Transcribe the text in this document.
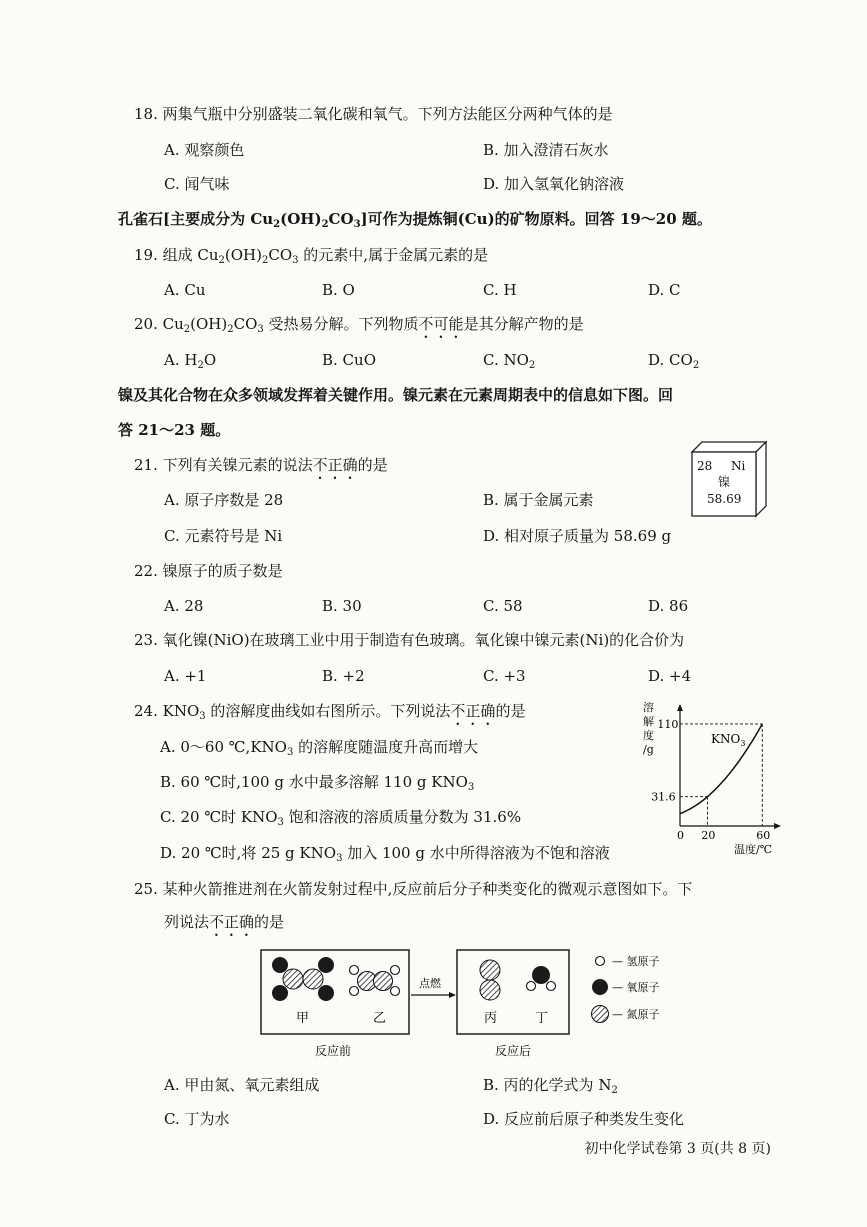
18. 两集气瓶中分别盛装二氧化碳和氧气。下列方法能区分两种气体的是
A. 观察颜色	B. 加入澄清石灰水
C. 闻气味	D. 加入氢氧化钠溶液
孔雀石[主要成分为 $Cu_2(OH)_2CO_3$]可作为提炼铜(Cu)的矿物原料。回答 19～20 题。
19. 组成 $Cu_2(OH)_2CO_3$ 的元素中,属于金属元素的是
A. Cu	B. O	C. H	D. C
20. $Cu_2(OH)_2CO_3$ 受热易分解。下列物质不可能是其分解产物的是
A. $H_2O$	B. CuO	C. $NO_2$	D. $CO_2$
镍及其化合物在众多领域发挥着关键作用。镍元素在元素周期表中的信息如下图。回
答 21～23 题。
28 Ni
镍
58.69
21. 下列有关镍元素的说法不正确的是
A. 原子序数是 28	B. 属于金属元素
C. 元素符号是 Ni	D. 相对原子质量为 58.69 g
22. 镍原子的质子数是
A. 28	B. 30	C. 58	D. 86
23. 氧化镍(NiO)在玻璃工业中用于制造有色玻璃。氧化镍中镍元素(Ni)的化合价为
A. +1	B. +2	C. +3	D. +4
24. $KNO_3$ 的溶解度曲线如右图所示。下列说法不正确的是
A. 0～60 $℃,KNO_3$ 的溶解度随温度升高而增大
B. 60 ℃时,100 g 水中最多溶解 110 g $KNO_3$
C. 20 ℃时 $KNO_3$ 饱和溶液的溶质质量分数为 31.6%
D. 20 ℃时,将 25 g $KNO_3$ 加入 100 g 水中所得溶液为不饱和溶液
溶
解
度
/g
$KNO_3$
0 20	60
31.6
110
温度/℃
25. 某种火箭推进剂在火箭发射过程中,反应前后分子种类变化的微观示意图如下。下
列说法不正确的是
甲	乙
点燃
丙	丁
反应前	反应后
— 氢原子
— 氧原子
— 氮原子
A. 甲由氮、氧元素组成	B. 丙的化学式为 $N_2$
C. 丁为水	D. 反应前后原子种类发生变化
初中化学试卷第 3 页(共 8 页)
